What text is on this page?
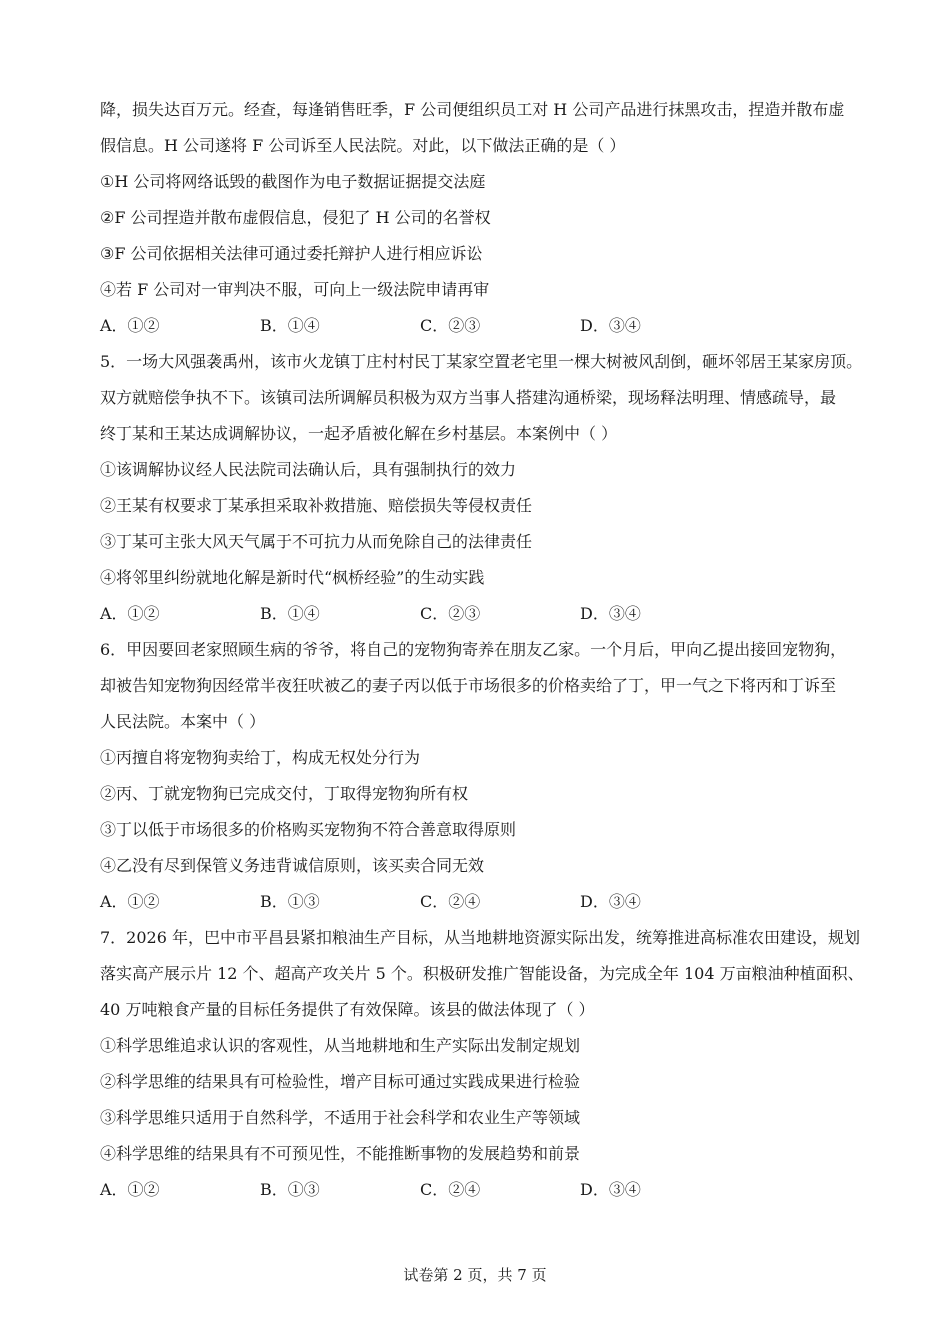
降，损失达百万元。经查，每逢销售旺季，F 公司便组织员工对 H 公司产品进行抹黑攻击，捏造并散布虚
假信息。H 公司遂将 F 公司诉至人民法院。对此，以下做法正确的是（ ）
①H 公司将网络诋毁的截图作为电子数据证据提交法庭
②F 公司捏造并散布虚假信息，侵犯了 H 公司的名誉权
③F 公司依据相关法律可通过委托辩护人进行相应诉讼
④若 F 公司对一审判决不服，可向上一级法院申请再审
A．①②	B．①④	C．②③	D．③④
5．一场大风强袭禹州，该市火龙镇丁庄村村民丁某家空置老宅里一棵大树被风刮倒，砸坏邻居王某家房顶。
双方就赔偿争执不下。该镇司法所调解员积极为双方当事人搭建沟通桥梁，现场释法明理、情感疏导，最
终丁某和王某达成调解协议，一起矛盾被化解在乡村基层。本案例中（ ）
①该调解协议经人民法院司法确认后，具有强制执行的效力
②王某有权要求丁某承担采取补救措施、赔偿损失等侵权责任
③丁某可主张大风天气属于不可抗力从而免除自己的法律责任
④将邻里纠纷就地化解是新时代“枫桥经验”的生动实践
A．①②	B．①④	C．②③	D．③④
6．甲因要回老家照顾生病的爷爷，将自己的宠物狗寄养在朋友乙家。一个月后，甲向乙提出接回宠物狗，
却被告知宠物狗因经常半夜狂吠被乙的妻子丙以低于市场很多的价格卖给了丁，甲一气之下将丙和丁诉至
人民法院。本案中（ ）
①丙擅自将宠物狗卖给丁，构成无权处分行为
②丙、丁就宠物狗已完成交付，丁取得宠物狗所有权
③丁以低于市场很多的价格购买宠物狗不符合善意取得原则
④乙没有尽到保管义务违背诚信原则，该买卖合同无效
A．①②	B．①③	C．②④	D．③④
7．2026 年，巴中市平昌县紧扣粮油生产目标，从当地耕地资源实际出发，统筹推进高标准农田建设，规划
落实高产展示片 12 个、超高产攻关片 5 个。积极研发推广智能设备，为完成全年 104 万亩粮油种植面积、
40 万吨粮食产量的目标任务提供了有效保障。该县的做法体现了（ ）
①科学思维追求认识的客观性，从当地耕地和生产实际出发制定规划
②科学思维的结果具有可检验性，增产目标可通过实践成果进行检验
③科学思维只适用于自然科学，不适用于社会科学和农业生产等领域
④科学思维的结果具有不可预见性，不能推断事物的发展趋势和前景
A．①②	B．①③	C．②④	D．③④
试卷第 2 页，共 7 页
